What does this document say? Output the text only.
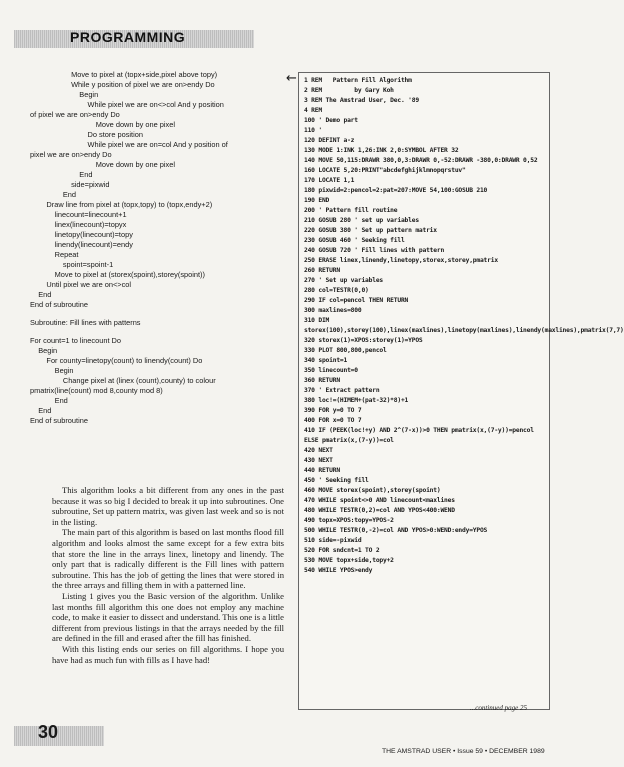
PROGRAMMING

Move to pixel at (topx+side,pixel above topy)

While y position of pixel we are on>endy Do

Begin

While pixel we are on<>col And y position

of pixel we are on>endy Do

Move down by one pixel

Do store position

While pixel we are on=col And y position of

pixel we are on>endy Do

Move down by one pixel

End

side=pixwid

End

Draw line from pixel at (topx,topy) to (topx,endy+2)

linecount=linecount+1

linex(linecount)=topyx

linetopy(linecount)=topy

linendy(linecount)=endy

Repeat

spoint=spoint-1

Move to pixel at (storex(spoint),storey(spoint))

Until pixel we are on<>col

End

End of subroutine

Subroutine: Fill lines with patterns

For count=1 to linecount Do

Begin

For county=linetopy(count) to linendy(count) Do

Begin

Change pixel at (linex (count),county) to colour

pmatrix(line(count) mod 8,county mod 8)

End

End

End of subroutine

←

This algorithm looks a bit different from any ones in the past because it was so big I decided to break it up into subroutines. One subroutine, Set up pattern matrix, was given last week and so is not in the listing.

The main part of this algorithm is based on last months flood fill algorithm and looks almost the same except for a few extra bits that store the line in the arrays linex, linetopy and linendy. The only part that is radically different is the Fill lines with pattern subroutine. This has the job of getting the lines that were stored in the three arrays and filling them in with a patterned line.

Listing 1 gives you the Basic version of the algorithm. Unlike last months fill algorithm this one does not employ any machine code, to make it easier to dissect and understand. This one is a little different from previous listings in that the arrays needed by the fill are defined in the fill and erased after the fill has finished.

With this listing ends our series on fill algorithms. I hope you have had as much fun with fills as I have had!

1 REM   Pattern Fill Algorithm

2 REM         by Gary Koh

3 REM The Amstrad User, Dec. '89

4 REM

100 ' Demo part

110 '

120 DEFINT a-z

130 MODE 1:INK 1,26:INK 2,0:SYMBOL AFTER 32

140 MOVE 50,115:DRAWR 380,0,3:DRAWR 0,-52:DRAWR -380,0:DRAWR 0,52

160 LOCATE 5,20:PRINT"abcdefghijklmnopqrstuv"

170 LOCATE 1,1

180 pixwid=2:pencol=2:pat=207:MOVE 54,100:GOSUB 210

190 END

200 ' Pattern fill routine

210 GOSUB 280 ' set up variables

220 GOSUB 380 ' Set up pattern matrix

230 GOSUB 460 ' Seeking fill

240 GOSUB 720 ' Fill lines with pattern

250 ERASE linex,linendy,linetopy,storex,storey,pmatrix

260 RETURN

270 ' Set up variables

280 col=TESTR(0,0)

290 IF col=pencol THEN RETURN

300 maxlines=800

310 DIM storex(100),storey(100),linex(maxlines),linetopy(maxlines),linendy(maxlines),pmatrix(7,7)

320 storex(1)=XPOS:storey(1)=YPOS

330 PLOT 800,800,pencol

340 spoint=1

350 linecount=0

360 RETURN

370 ' Extract pattern

380 loc!=(HIMEM+(pat-32)*8)+1

390 FOR y=0 TO 7

400 FOR x=0 TO 7

410 IF (PEEK(loc!+y) AND 2^(7-x))>0 THEN pmatrix(x,(7-y))=pencol ELSE pmatrix(x,(7-y))=col

420 NEXT

430 NEXT

440 RETURN

450 ' Seeking fill

460 MOVE storex(spoint),storey(spoint)

470 WHILE spoint<>0 AND linecount<maxlines

480 WHILE TESTR(0,2)=col AND YPOS<400:WEND

490 topx=XPOS:topy=YPOS-2

500 WHILE TESTR(0,-2)=col AND YPOS>0:WEND:endy=YPOS

510 side=-pixwid

520 FOR sndcnt=1 TO 2

530 MOVE topx+side,topy+2

540 WHILE YPOS>endy

...continued page 25

30

THE AMSTRAD USER • Issue 59 • DECEMBER 1989
